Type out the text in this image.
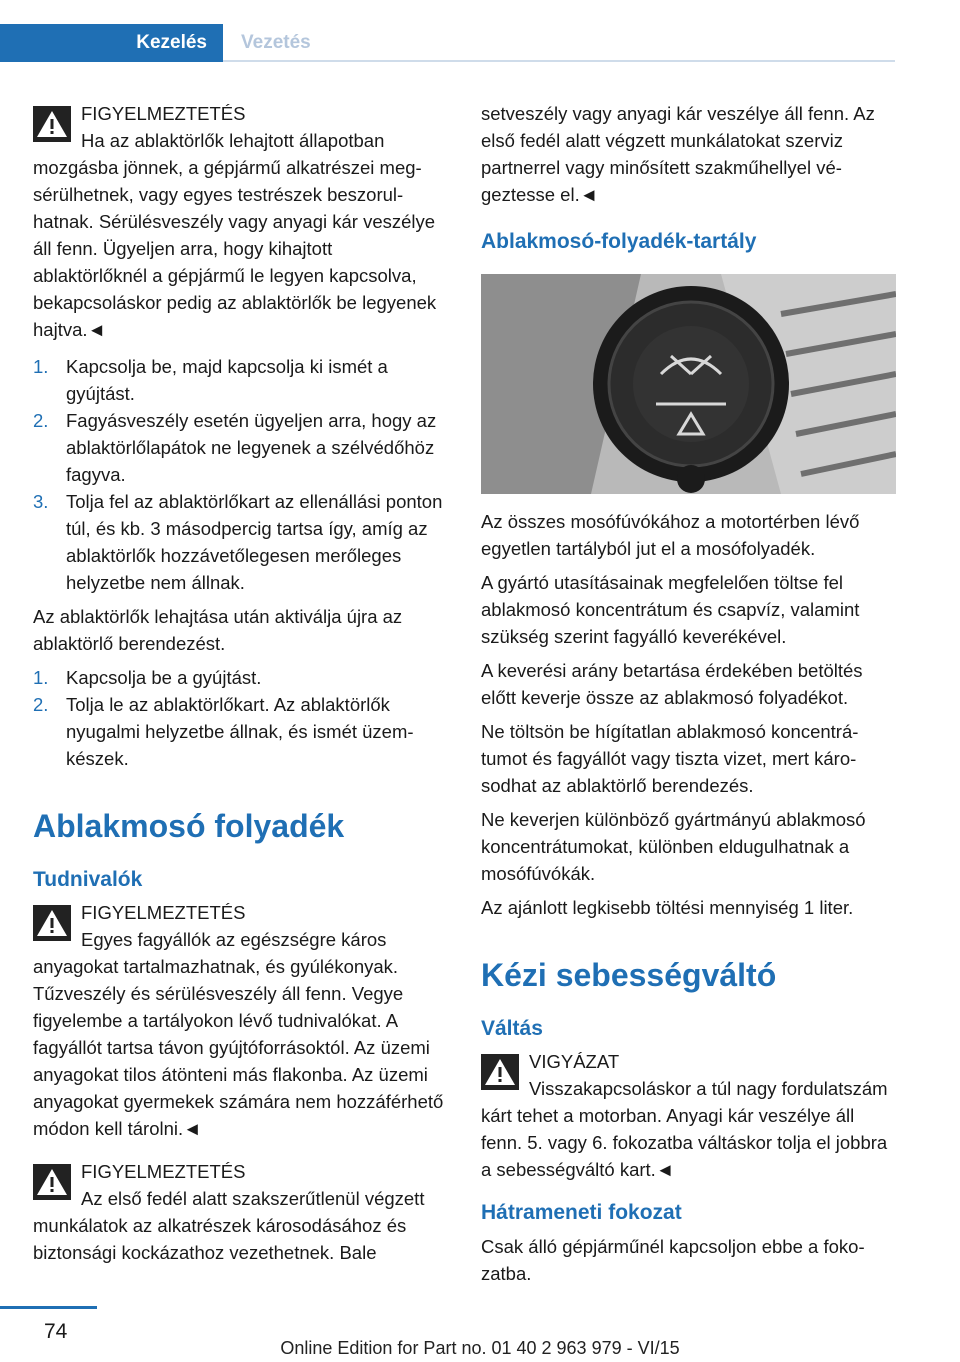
Kezelés	Vezetés
FIGYELMEZTETÉS
Ha az ablaktörlők lehajtott állapotban mozgásba jönnek, a gépjármű alkatrészei megsérülhetnek, vagy egyes testrészek beszorulhatnak. Sérülésveszély vagy anyagi kár veszélye áll fenn. Ügyeljen arra, hogy kihajtott ablaktörlőknél a gépjármű le legyen kapcsolva, bekapcsoláskor pedig az ablaktörlők be legyenek hajtva.◄
1. Kapcsolja be, majd kapcsolja ki ismét a gyújtást.
2. Fagyásveszély esetén ügyeljen arra, hogy az ablaktörlőlapátok ne legyenek a szélvédőhöz fagyva.
3. Tolja fel az ablaktörlőkart az ellenállási ponton túl, és kb. 3 másodpercig tartsa így, amíg az ablaktörlők hozzávetőlegesen merőleges helyzetbe nem állnak.

Az ablaktörlők lehajtása után aktiválja újra az ablaktörlő berendezést.

1. Kapcsolja be a gyújtást.
2. Tolja le az ablaktörlőkart. Az ablaktörlők nyugalmi helyzetbe állnak, és ismét üzemkészek.
Ablakmosó folyadék
Tudnivalók
FIGYELMEZTETÉS
Egyes fagyállók az egészségre káros anyagokat tartalmazhatnak, és gyúlékonyak. Tűzveszély és sérülésveszély áll fenn. Vegye figyelembe a tartályokon lévő tudnivalókat. A fagyállót tartsa távon gyújtóforrásoktól. Az üzemi anyagokat tilos átönteni más flakonba. Az üzemi anyagokat gyermekek számára nem hozzáférhető módon kell tárolni.◄
FIGYELMEZTETÉS
Az első fedél alatt szakszerűtlenül végzett munkálatok az alkatrészek károsodásához és biztonsági kockázathoz vezethetnek. Bale

setveszély vagy anyagi kár veszélye áll fenn. Az első fedél alatt végzett munkálatokat szerviz partnerrel vagy minősített szakműhellyel végeztesse el.◄

Ablakmosó-folyadék-tartály

Az összes mosófúvókához a motortérben lévő egyetlen tartályból jut el a mosófolyadék.

A gyártó utasításainak megfelelően töltse fel ablakmosó koncentrátum és csapvíz, valamint szükség szerint fagyálló keverékével.

A keverési arány betartása érdekében betöltés előtt keverje össze az ablakmosó folyadékot.

Ne töltsön be hígítatlan ablakmosó koncentrátumot és fagyállót vagy tiszta vizet, mert károsodhat az ablaktörlő berendezés.

Ne keverjen különböző gyártmányú ablakmosó koncentrátumokat, különben eldugulhatnak a mosófúvókák.

Az ajánlott legkisebb töltési mennyiség 1 liter.

Kézi sebességváltó
Váltás
VIGYÁZAT
Visszakapcsoláskor a túl nagy fordulatszám kárt tehet a motorban. Anyagi kár veszélye áll fenn. 5. vagy 6. fokozatba váltáskor tolja el jobbra a sebességváltó kart.◄
Hátrameneti fokozat

Csak álló gépjárműnél kapcsoljon ebbe a fokozatba.

74
Online Edition for Part no. 01 40 2 963 979 - VI/15
